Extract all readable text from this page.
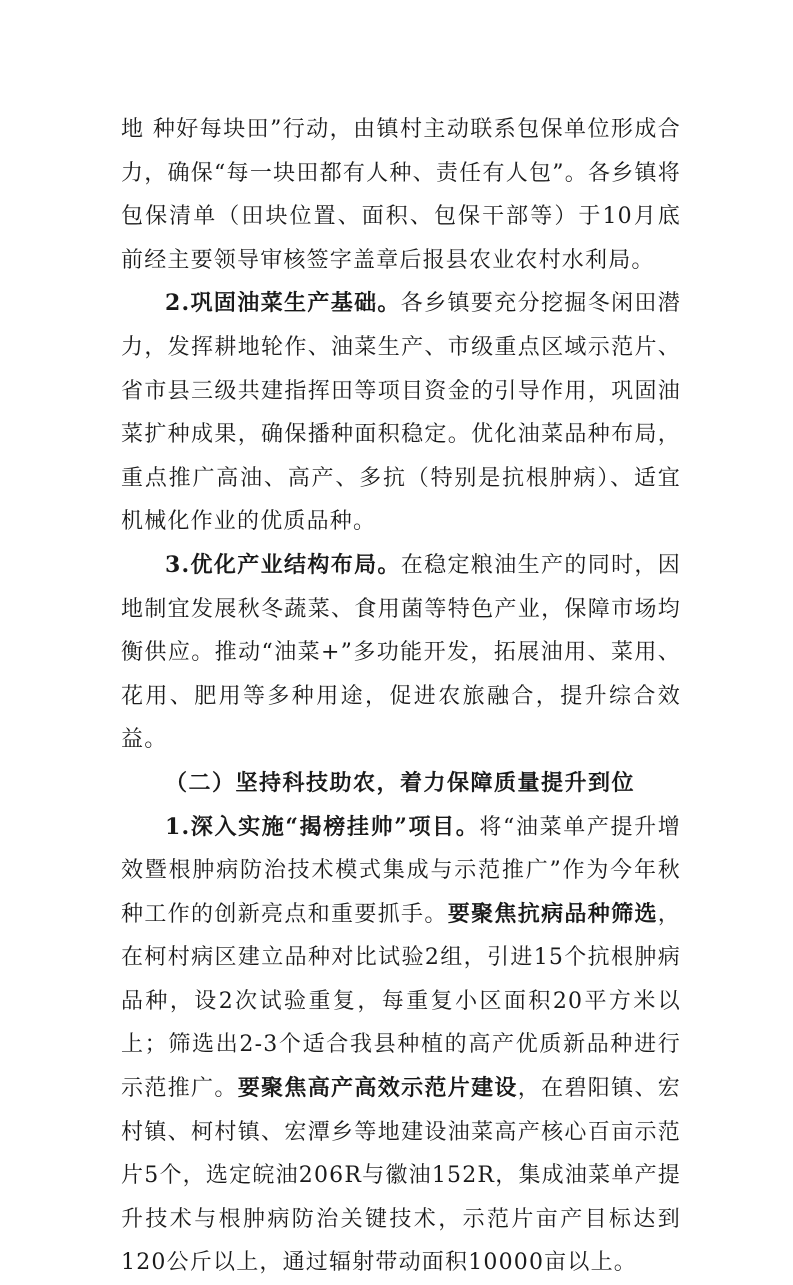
地 种好每块田”行动，由镇村主动联系包保单位形成合力，确保“每一块田都有人种、责任有人包”。各乡镇将包保清单（田块位置、面积、包保干部等）于10月底前经主要领导审核签字盖章后报县农业农村水利局。

2.巩固油菜生产基础。各乡镇要充分挖掘冬闲田潜力，发挥耕地轮作、油菜生产、市级重点区域示范片、省市县三级共建指挥田等项目资金的引导作用，巩固油菜扩种成果，确保播种面积稳定。优化油菜品种布局，重点推广高油、高产、多抗（特别是抗根肿病）、适宜机械化作业的优质品种。

3.优化产业结构布局。在稳定粮油生产的同时，因地制宜发展秋冬蔬菜、食用菌等特色产业，保障市场均衡供应。推动“油菜+”多功能开发，拓展油用、菜用、花用、肥用等多种用途，促进农旅融合，提升综合效益。

（二）坚持科技助农，着力保障质量提升到位

1.深入实施“揭榜挂帅”项目。将“油菜单产提升增效暨根肿病防治技术模式集成与示范推广”作为今年秋种工作的创新亮点和重要抓手。要聚焦抗病品种筛选，在柯村病区建立品种对比试验2组，引进15个抗根肿病品种，设2次试验重复，每重复小区面积20平方米以上；筛选出2-3个适合我县种植的高产优质新品种进行示范推广。要聚焦高产高效示范片建设，在碧阳镇、宏村镇、柯村镇、宏潭乡等地建设油菜高产核心百亩示范片5个，选定皖油206R与徽油152R，集成油菜单产提升技术与根肿病防治关键技术，示范片亩产目标达到120公斤以上，通过辐射带动面积10000亩以上。
